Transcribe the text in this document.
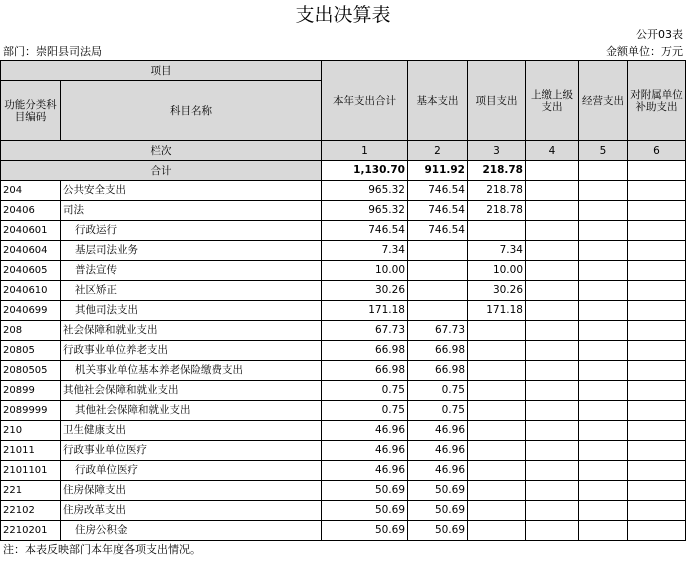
支出决算表
公开03表
部门：崇阳县司法局	金额单位：万元
项目		本年支出合计	基本支出	项目支出	上缴上级支出	经营支出	对附属单位补助支出
功能分类科目编码	科目名称						
栏次		1	2	3	4	5	6
合计		1,130.70	911.92	218.78			
204	公共安全支出	965.32	746.54	218.78			
20406	司法	965.32	746.54	218.78			
2040601	行政运行	746.54	746.54				
2040604	基层司法业务	7.34		7.34			
2040605	普法宣传	10.00		10.00			
2040610	社区矫正	30.26		30.26			
2040699	其他司法支出	171.18		171.18			
208	社会保障和就业支出	67.73	67.73				
20805	行政事业单位养老支出	66.98	66.98				
2080505	机关事业单位基本养老保险缴费支出	66.98	66.98				
20899	其他社会保障和就业支出	0.75	0.75				
2089999	其他社会保障和就业支出	0.75	0.75				
210	卫生健康支出	46.96	46.96				
21011	行政事业单位医疗	46.96	46.96				
2101101	行政单位医疗	46.96	46.96				
221	住房保障支出	50.69	50.69				
22102	住房改革支出	50.69	50.69				
2210201	住房公积金	50.69	50.69				
注：本表反映部门本年度各项支出情况。
